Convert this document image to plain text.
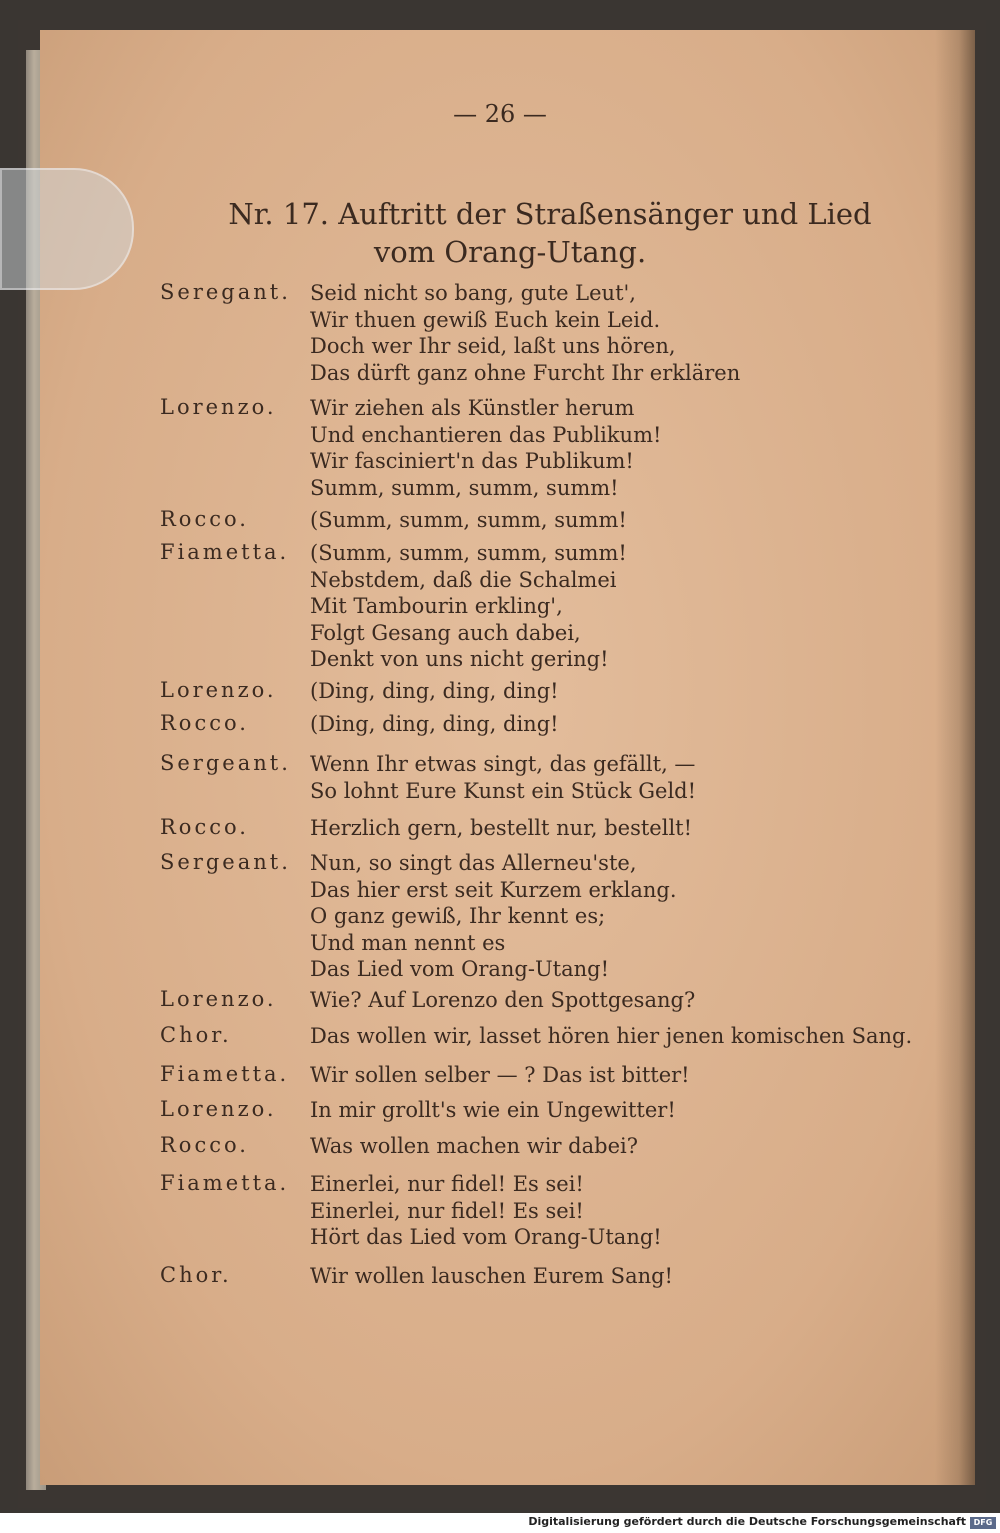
— 26 —
Nr. 17. Auftritt der Straßensänger und Lied
vom Orang-Utang.
Seregant. Seid nicht so bang, gute Leut',
Wir thuen gewiß Euch kein Leid.
Doch wer Ihr seid, laßt uns hören,
Das dürft ganz ohne Furcht Ihr erklären
Lorenzo.	Wir ziehen als Künstler herum
Und enchantieren das Publikum!
Wir fasciniert'n das Publikum!
Summ, summ, summ, summ!
Rocco.	(Summ, summ, summ, summ!
Fiametta. (Summ, summ, summ, summ!
Nebstdem, daß die Schalmei
Mit Tambourin erkling',
Folgt Gesang auch dabei,
Denkt von uns nicht gering!
Lorenzo.	(Ding, ding, ding, ding!
Rocco.	(Ding, ding, ding, ding!
Sergeant. Wenn Ihr etwas singt, das gefällt, —
So lohnt Eure Kunst ein Stück Geld!
Rocco.	Herzlich gern, bestellt nur, bestellt!
Sergeant. Nun, so singt das Allerneu'ste,
Das hier erst seit Kurzem erklang.
O ganz gewiß, Ihr kennt es;
Und man nennt es
Das Lied vom Orang-Utang!
Lorenzo.	Wie? Auf Lorenzo den Spottgesang?
Chor.	Das wollen wir, lasset hören hier jenen komischen Sang.
Fiametta. Wir sollen selber — ? Das ist bitter!
Lorenzo.	In mir grollt's wie ein Ungewitter!
Rocco.	Was wollen machen wir dabei?
Fiametta. Einerlei, nur fidel! Es sei!
Einerlei, nur fidel! Es sei!
Hört das Lied vom Orang-Utang!
Chor.	Wir wollen lauschen Eurem Sang!
Digitalisierung gefördert durch die Deutsche Forschungsgemeinschaft DFG
